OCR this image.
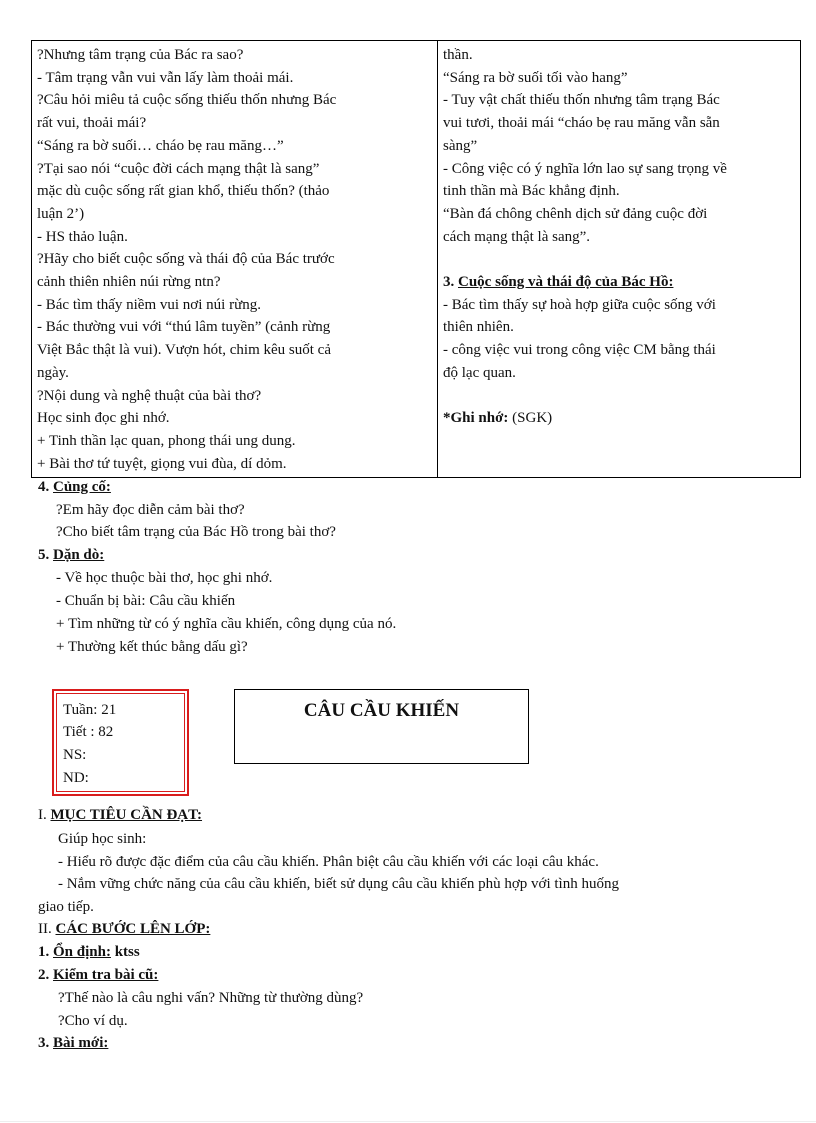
?Nhưng tâm trạng của Bác ra sao?
- Tâm trạng vẫn vui vẫn lấy làm thoải mái.
?Câu hỏi miêu tả cuộc sống thiếu thốn nhưng Bác
rất vui, thoải mái?
“Sáng ra bờ suối… cháo bẹ rau măng…”
?Tại sao nói “cuộc đời cách mạng thật là sang”
mặc dù cuộc sống rất gian khổ, thiếu thốn? (thảo
luận 2’)
- HS thảo luận.
?Hãy cho biết cuộc sống và thái độ của Bác trước
cảnh thiên nhiên núi rừng ntn?
- Bác tìm thấy niềm vui nơi núi rừng.
- Bác thường vui với “thú lâm tuyền” (cảnh rừng
Việt Bắc thật là vui). Vượn hót, chim kêu suốt cả
ngày.
?Nội dung và nghệ thuật của bài thơ?
Học sinh đọc ghi nhớ.
+ Tinh thần lạc quan, phong thái ung dung.
+ Bài thơ tứ tuyệt, giọng vui đùa, dí dỏm.

thần.
“Sáng ra bờ suối tối vào hang”
- Tuy vật chất thiếu thốn nhưng tâm trạng Bác
vui tươi, thoải mái “cháo bẹ rau măng vẫn sẵn
sàng”
- Công việc có ý nghĩa lớn lao sự sang trọng về
tinh thần mà Bác khẳng định.
“Bàn đá chông chênh dịch sử đảng cuộc đời
cách mạng thật là sang”.
3. Cuộc sống và thái độ của Bác Hồ:
- Bác tìm thấy sự hoà hợp giữa cuộc sống với
thiên nhiên.
- công việc vui trong công việc CM bằng thái
độ lạc quan.
*Ghi nhớ: (SGK)
4. Củng cố:
?Em hãy đọc diễn cảm bài thơ?
?Cho biết tâm trạng của Bác Hồ trong bài thơ?
5. Dặn dò:
- Về học thuộc bài thơ, học ghi nhớ.
- Chuẩn bị bài: Câu cầu khiến
+ Tìm những từ có ý nghĩa cầu khiến, công dụng của nó.
+ Thường kết thúc bằng dấu gì?
Tuần: 21
Tiết : 82
NS:
ND:
CÂU CẦU KHIẾN
I. MỤC TIÊU CẦN ĐẠT:
Giúp học sinh:
- Hiểu rõ được đặc điểm của câu cầu khiến. Phân biệt câu cầu khiến với các loại câu khác.
- Nắm vững chức năng của câu cầu khiến, biết sử dụng câu cầu khiến phù hợp với tình huống
giao tiếp.
II. CÁC BƯỚC LÊN LỚP:
1. Ổn định: ktss
2. Kiểm tra bài cũ:
?Thế nào là câu nghi vấn? Những từ thường dùng?
?Cho ví dụ.
3. Bài mới:
